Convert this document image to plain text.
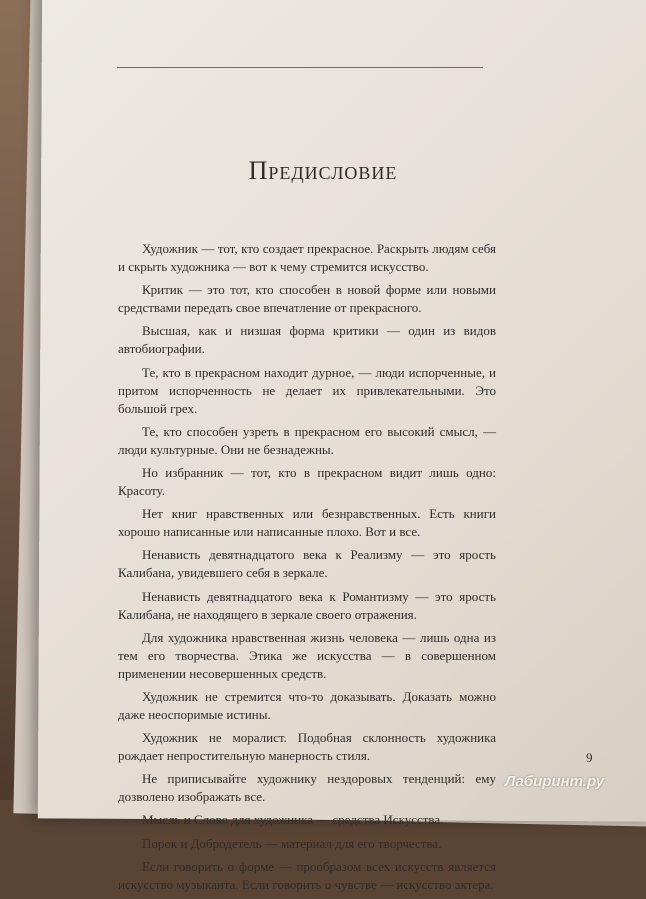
Предисловие

Художник — тот, кто создает прекрасное. Раскрыть людям себя и скрыть художника — вот к чему стремится искусство.

Критик — это тот, кто способен в новой форме или новыми средствами передать свое впечатление от прекрасного.

Высшая, как и низшая форма критики — один из видов автобиографии.

Те, кто в прекрасном находит дурное, — люди испорченные, и притом испорченность не делает их привлекательными. Это большой грех.

Те, кто способен узреть в прекрасном его высокий смысл, — люди культурные. Они не безнадежны.

Но избранник — тот, кто в прекрасном видит лишь одно: Красоту.

Нет книг нравственных или безнравственных. Есть книги хорошо написанные или написанные плохо. Вот и все.

Ненависть девятнадцатого века к Реализму — это ярость Калибана, увидевшего себя в зеркале.

Ненависть девятнадцатого века к Романтизму — это ярость Калибана, не находящего в зеркале своего отражения.

Для художника нравственная жизнь человека — лишь одна из тем его творчества. Этика же искусства — в совершенном применении несовершенных средств.

Художник не стремится что-то доказывать. Доказать можно даже неоспоримые истины.

Художник не моралист. Подобная склонность художника рождает непростительную манерность стиля.

Не приписывайте художнику нездоровых тенденций: ему дозволено изображать все.

Мысль и Слово для художника — средства Искусства.

Порок и Добродетель — материал для его творчества.

Если говорить о форме — прообразом всех искусств является искусство музыканта. Если говорить о чувстве — искусство актера.

9
Лабиринт.ру
